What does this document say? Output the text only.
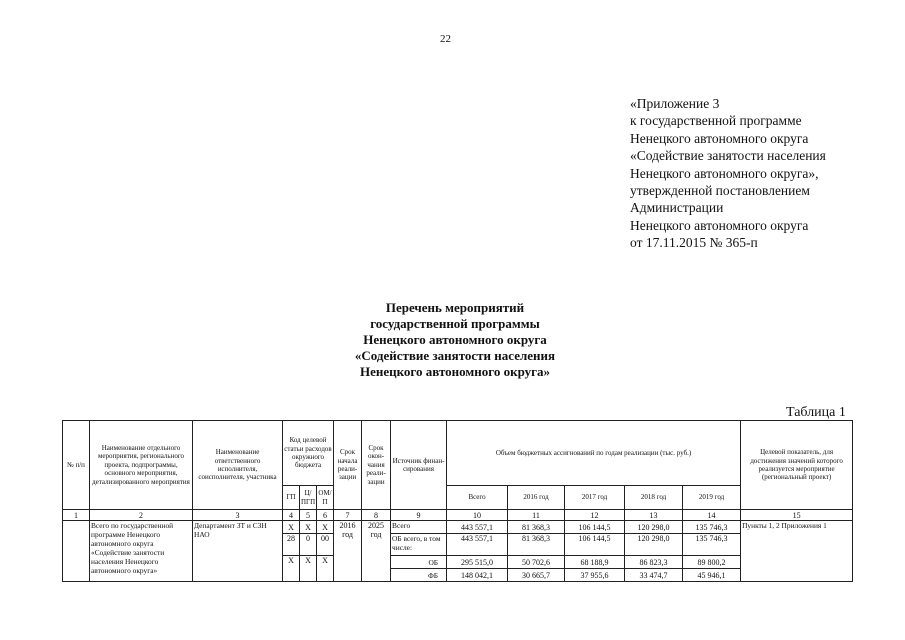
22
«Приложение 3
к государственной программе
Ненецкого автономного округа
«Содействие занятости населения
Ненецкого автономного округа»,
утвержденной постановлением
Администрации
Ненецкого автономного округа
от 17.11.2015 № 365-п
Перечень мероприятий
государственной программы
Ненецкого автономного округа
«Содействие занятости населения
Ненецкого автономного округа»
Таблица 1
№ п/п	Наименование отдельного мероприятия, регионального проекта, подпрограммы, основного мероприятия, детализированного мероприятия	Наименование ответственного исполнителя, соисполнителя, участника	Код целевой статьи расходов окружного бюджета			Срок начала реали-зации	Срок окон-чания реали-зации	Источник финан-сирования	Объем бюджетных ассигнований по годам реализации (тыс. руб.)					Целевой показатель, для достижения значений которого реализуется мероприятие (региональный проект)
			ГП	Ц/ ПГП	ОМ/ П				Всего	2016 год	2017 год	2018 год	2019 год	
1	2	3	4	5	6	7	8	9	10	11	12	13	14	15
	Всего по государственной программе Ненецкого автономного округа «Содействие занятости населения Ненецкого автономного округа»	Департамент ЗТ и СЗН НАО	X	X	X	2016 год	2025 год	Всего	443 557,1	81 368,3	106 144,5	120 298,0	135 746,3	Пункты 1, 2 Приложения 1
			28	0	00			ОБ всего, в том числе:	443 557,1	81 368,3	106 144,5	120 298,0	135 746,3	
			X	X	X			ОБ	295 515,0	50 702,6	68 188,9	86 823,3	89 800,2	
								ФБ	148 042,1	30 665,7	37 955,6	33 474,7	45 946,1	
